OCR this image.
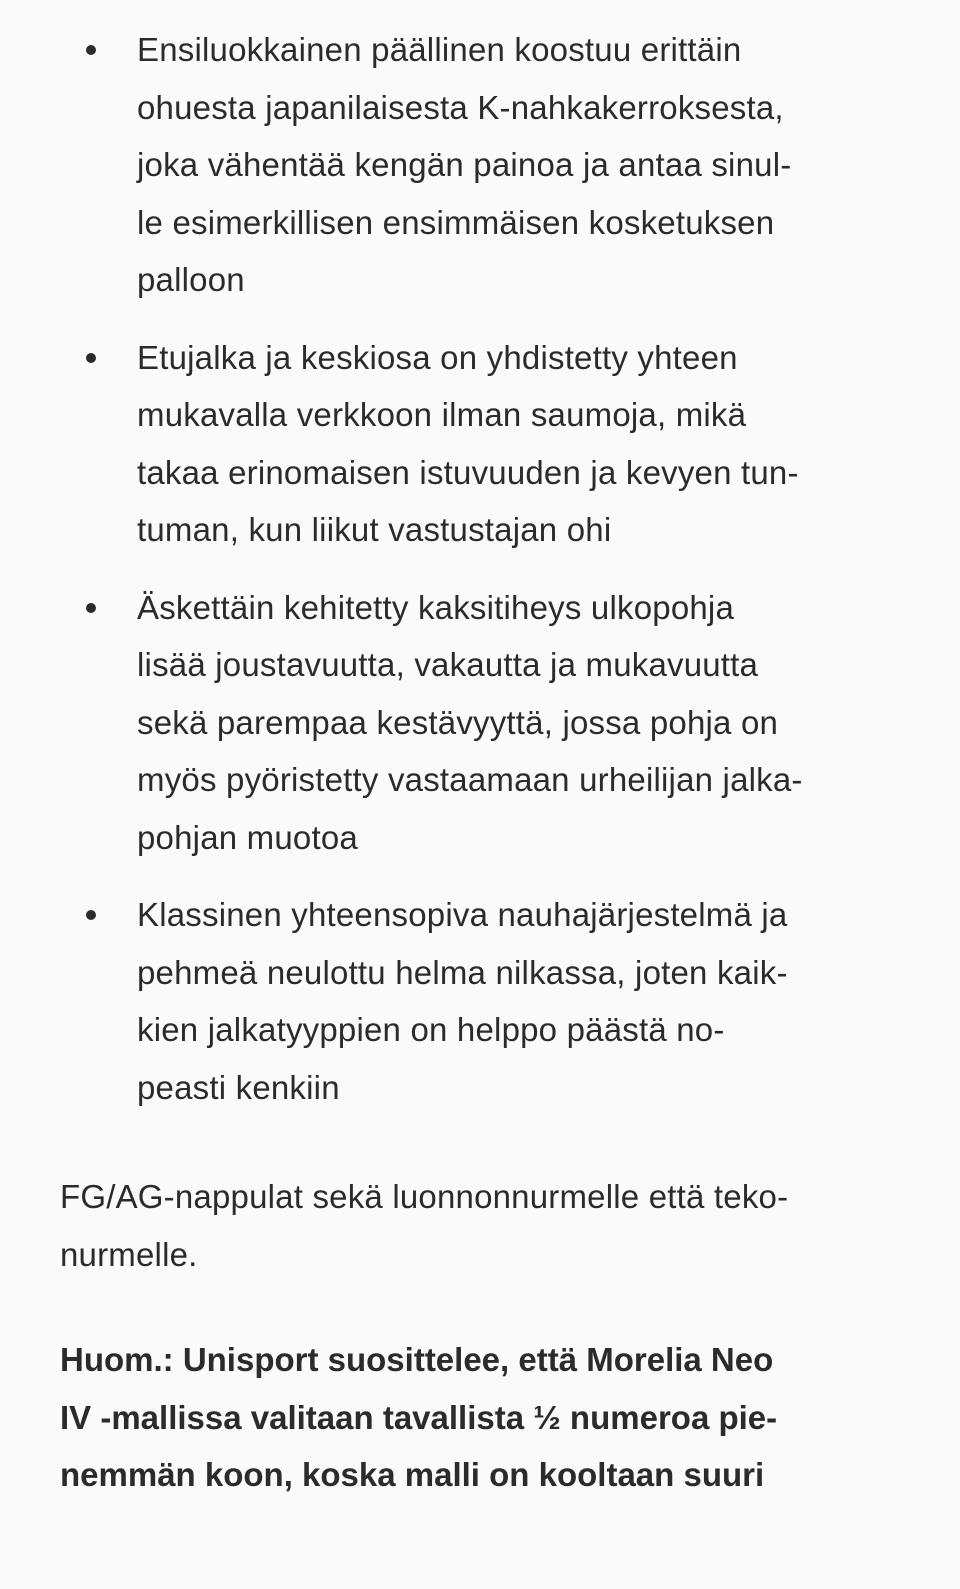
Ensiluokkainen päällinen koostuu erittäin
ohuesta japanilaisesta K-nahkakerroksesta,
joka vähentää kengän painoa ja antaa sinul-
le esimerkillisen ensimmäisen kosketuksen
palloon
Etujalka ja keskiosa on yhdistetty yhteen
mukavalla verkkoon ilman saumoja, mikä
takaa erinomaisen istuvuuden ja kevyen tun-
tuman, kun liikut vastustajan ohi
Äskettäin kehitetty kaksitiheys ulkopohja
lisää joustavuutta, vakautta ja mukavuutta
sekä parempaa kestävyyttä, jossa pohja on
myös pyöristetty vastaamaan urheilijan jalka-
pohjan muotoa
Klassinen yhteensopiva nauhajärjestelmä ja
pehmeä neulottu helma nilkassa, joten kaik-
kien jalkatyyppien on helppo päästä no-
peasti kenkiin

FG/AG-nappulat sekä luonnonnurmelle että teko-
nurmelle.

Huom.: Unisport suosittelee, että Morelia Neo
IV -mallissa valitaan tavallista ½ numeroa pie-
nemmän koon, koska malli on kooltaan suuri
